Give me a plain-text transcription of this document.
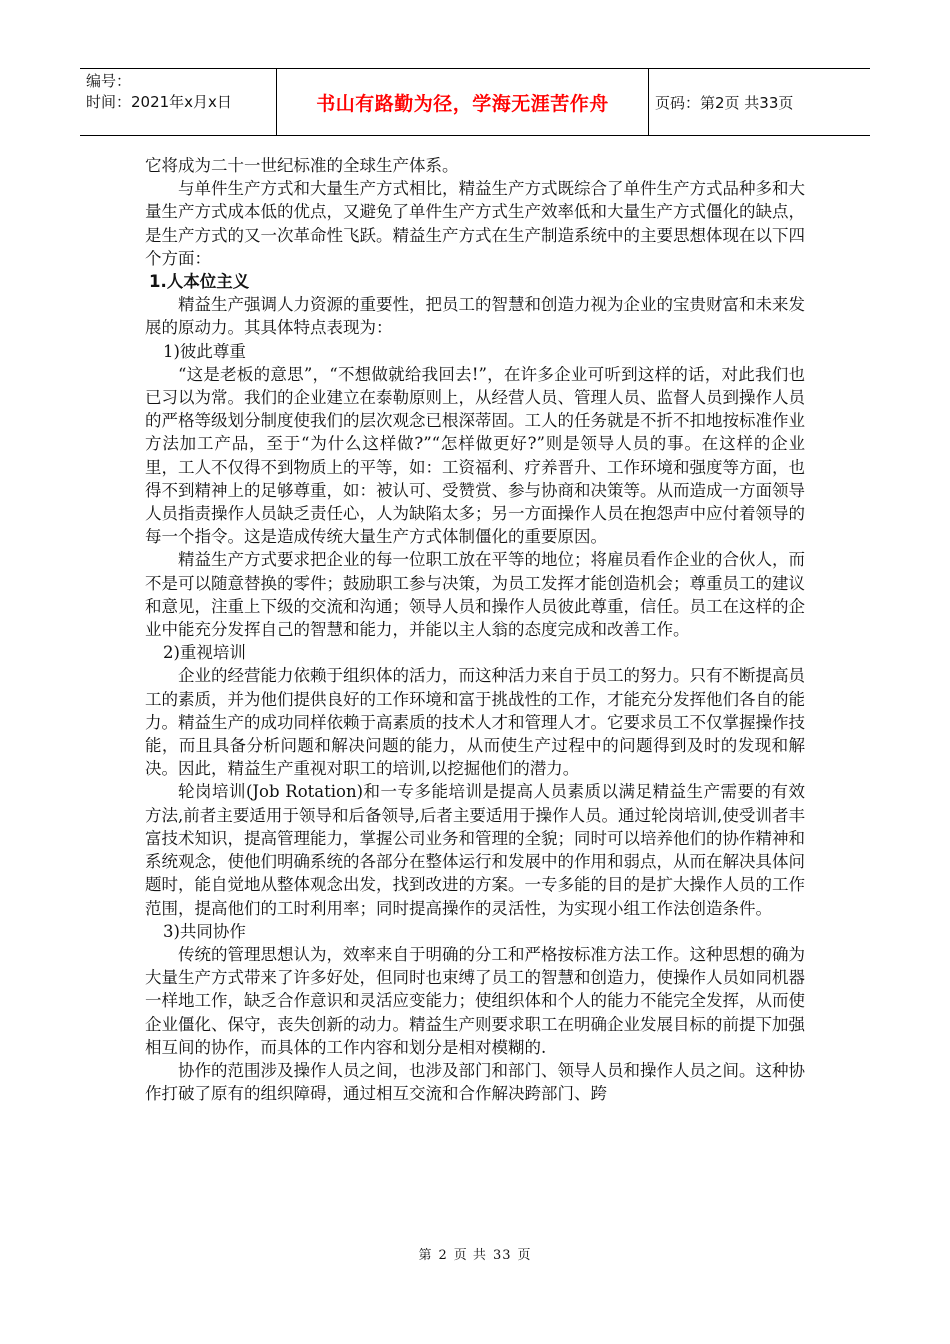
编号：
时间：2021年x月x日	书山有路勤为径，学海无涯苦作舟	页码：第2页 共33页

它将成为二十一世纪标准的全球生产体系。

与单件生产方式和大量生产方式相比，精益生产方式既综合了单件生产方式品种多和大量生产方式成本低的优点，又避免了单件生产方式生产效率低和大量生产方式僵化的缺点，是生产方式的又一次革命性飞跃。精益生产方式在生产制造系统中的主要思想体现在以下四个方面：

1.人本位主义

精益生产强调人力资源的重要性，把员工的智慧和创造力视为企业的宝贵财富和未来发展的原动力。其具体特点表现为：

1)彼此尊重

“这是老板的意思”，“不想做就给我回去!”，在许多企业可听到这样的话，对此我们也已习以为常。我们的企业建立在泰勒原则上，从经营人员、管理人员、监督人员到操作人员的严格等级划分制度使我们的层次观念已根深蒂固。工人的任务就是不折不扣地按标准作业方法加工产品，至于“为什么这样做?”“怎样做更好?”则是领导人员的事。在这样的企业里，工人不仅得不到物质上的平等，如：工资福利、疗养晋升、工作环境和强度等方面，也得不到精神上的足够尊重，如：被认可、受赞赏、参与协商和决策等。从而造成一方面领导人员指责操作人员缺乏责任心，人为缺陷太多；另一方面操作人员在抱怨声中应付着领导的每一个指令。这是造成传统大量生产方式体制僵化的重要原因。

精益生产方式要求把企业的每一位职工放在平等的地位；将雇员看作企业的合伙人，而不是可以随意替换的零件；鼓励职工参与决策，为员工发挥才能创造机会；尊重员工的建议和意见，注重上下级的交流和沟通；领导人员和操作人员彼此尊重，信任。员工在这样的企业中能充分发挥自己的智慧和能力，并能以主人翁的态度完成和改善工作。

2)重视培训

企业的经营能力依赖于组织体的活力，而这种活力来自于员工的努力。只有不断提高员工的素质，并为他们提供良好的工作环境和富于挑战性的工作，才能充分发挥他们各自的能力。精益生产的成功同样依赖于高素质的技术人才和管理人才。它要求员工不仅掌握操作技能，而且具备分析问题和解决问题的能力，从而使生产过程中的问题得到及时的发现和解决。因此，精益生产重视对职工的培训,以挖掘他们的潜力。

轮岗培训(Job Rotation)和一专多能培训是提高人员素质以满足精益生产需要的有效方法,前者主要适用于领导和后备领导,后者主要适用于操作人员。通过轮岗培训,使受训者丰富技术知识，提高管理能力，掌握公司业务和管理的全貌；同时可以培养他们的协作精神和系统观念，使他们明确系统的各部分在整体运行和发展中的作用和弱点，从而在解决具体问题时，能自觉地从整体观念出发，找到改进的方案。一专多能的目的是扩大操作人员的工作范围，提高他们的工时利用率；同时提高操作的灵活性，为实现小组工作法创造条件。

3)共同协作

传统的管理思想认为，效率来自于明确的分工和严格按标准方法工作。这种思想的确为大量生产方式带来了许多好处，但同时也束缚了员工的智慧和创造力，使操作人员如同机器一样地工作，缺乏合作意识和灵活应变能力；使组织体和个人的能力不能完全发挥，从而使企业僵化、保守，丧失创新的动力。精益生产则要求职工在明确企业发展目标的前提下加强相互间的协作，而具体的工作内容和划分是相对模糊的.

协作的范围涉及操作人员之间，也涉及部门和部门、领导人员和操作人员之间。这种协作打破了原有的组织障碍，通过相互交流和合作解决跨部门、跨

第 2 页 共 33 页
